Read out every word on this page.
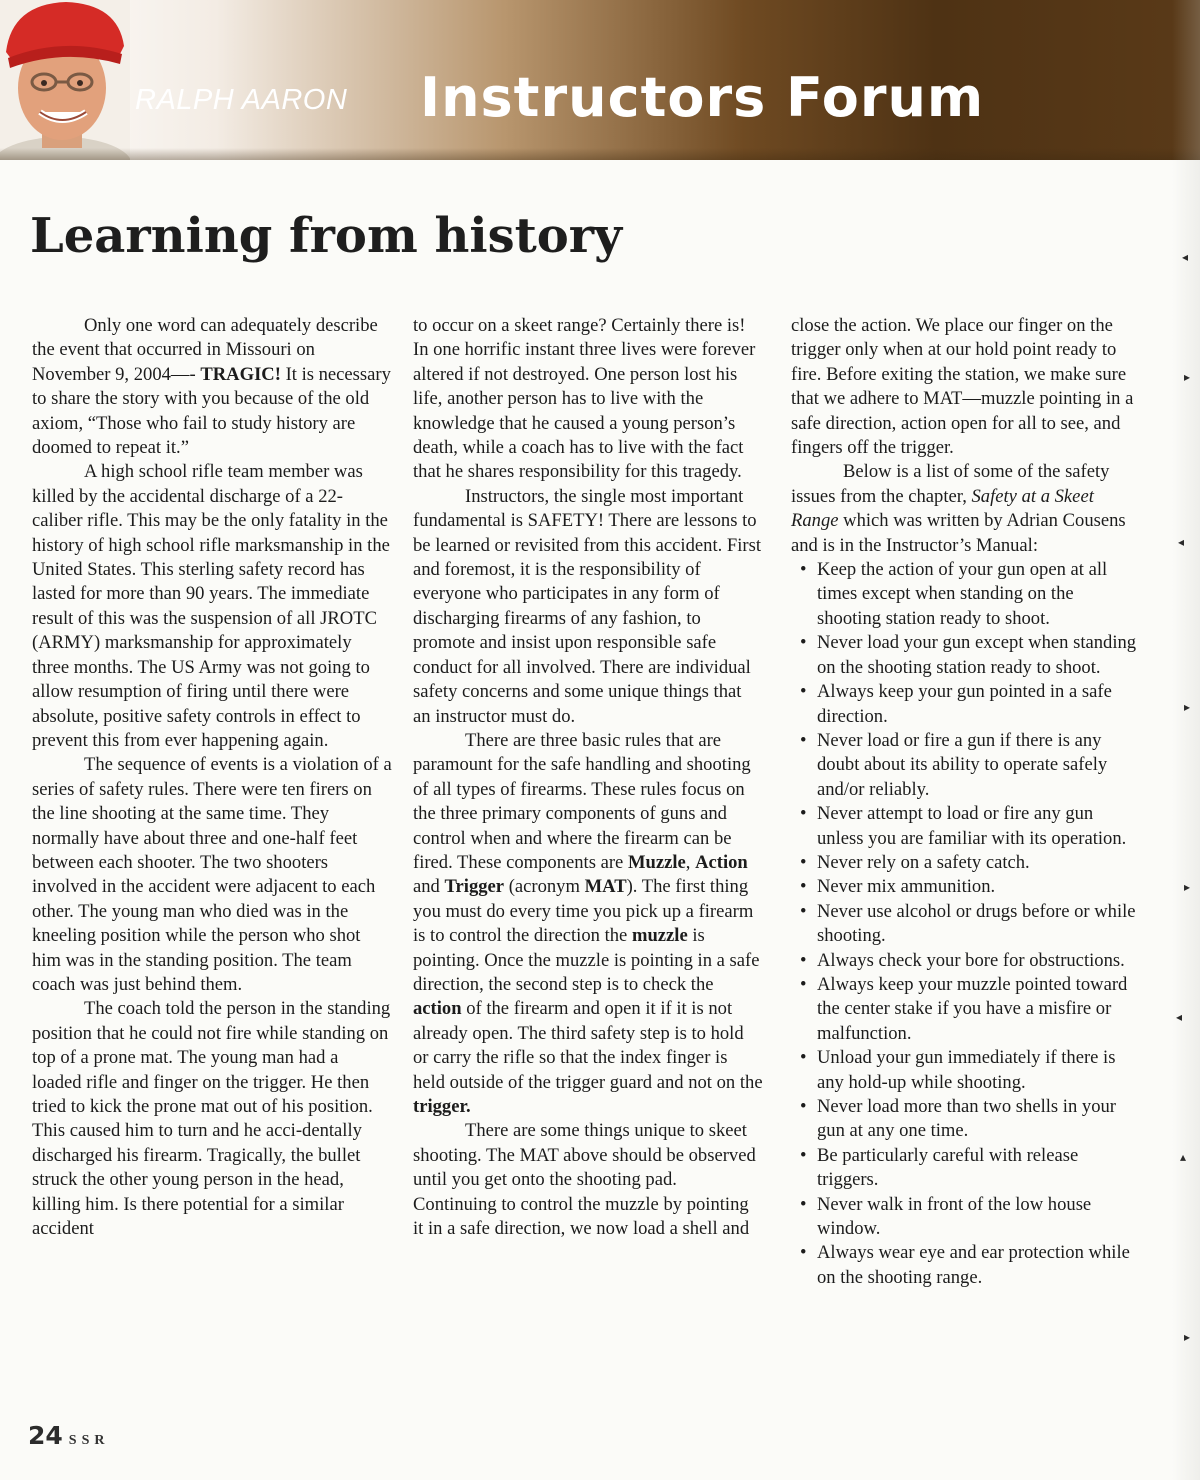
RALPH AARON Instructors Forum
◂
▸
◂
▸
▸
◂
▴
▸
Learning from history

Only one word can adequately describe the event that occurred in Missouri on November 9, 2004—- TRAGIC! It is necessary to share the story with you because of the old axiom, “Those who fail to study history are doomed to repeat it.”

A high school rifle team member was killed by the accidental discharge of a 22-caliber rifle. This may be the only fatality in the history of high school rifle marksmanship in the United States. This sterling safety record has lasted for more than 90 years. The immediate result of this was the suspension of all JROTC (ARMY) marksmanship for approximately three months. The US Army was not going to allow resumption of firing until there were absolute, positive safety controls in effect to prevent this from ever happening again.

The sequence of events is a violation of a series of safety rules. There were ten firers on the line shooting at the same time. They normally have about three and one-half feet between each shooter. The two shooters involved in the accident were adjacent to each other. The young man who died was in the kneeling position while the person who shot him was in the standing position. The team coach was just behind them.

The coach told the person in the standing position that he could not fire while standing on top of a prone mat. The young man had a loaded rifle and finger on the trigger. He then tried to kick the prone mat out of his position. This caused him to turn and he acci-dentally discharged his firearm. Tragically, the bullet struck the other young person in the head, killing him. Is there potential for a similar accident

to occur on a skeet range? Certainly there is! In one horrific instant three lives were forever altered if not destroyed. One person lost his life, another person has to live with the knowledge that he caused a young person’s death, while a coach has to live with the fact that he shares responsibility for this tragedy.

Instructors, the single most important fundamental is SAFETY! There are lessons to be learned or revisited from this accident. First and foremost, it is the responsibility of everyone who participates in any form of discharging firearms of any fashion, to promote and insist upon responsible safe conduct for all involved. There are individual safety concerns and some unique things that an instructor must do.

There are three basic rules that are paramount for the safe handling and shooting of all types of firearms. These rules focus on the three primary components of guns and control when and where the firearm can be fired. These components are Muzzle, Action and Trigger (acronym MAT). The first thing you must do every time you pick up a firearm is to control the direction the muzzle is pointing. Once the muzzle is pointing in a safe direction, the second step is to check the action of the firearm and open it if it is not already open. The third safety step is to hold or carry the rifle so that the index finger is held outside of the trigger guard and not on the trigger.

There are some things unique to skeet shooting. The MAT above should be observed until you get onto the shooting pad. Continuing to control the muzzle by pointing it in a safe direction, we now load a shell and

close the action. We place our finger on the trigger only when at our hold point ready to fire. Before exiting the station, we make sure that we adhere to MAT—muzzle pointing in a safe direction, action open for all to see, and fingers off the trigger.

Below is a list of some of the safety issues from the chapter, Safety at a Skeet Range which was written by Adrian Cousens and is in the Instructor’s Manual:

• Keep the action of your gun open at all times except when standing on the shooting station ready to shoot.
• Never load your gun except when standing on the shooting station ready to shoot.
• Always keep your gun pointed in a safe direction.
• Never load or fire a gun if there is any doubt about its ability to operate safely and/or reliably.
• Never attempt to load or fire any gun unless you are familiar with its operation.
• Never rely on a safety catch.
• Never mix ammunition.
• Never use alcohol or drugs before or while shooting.
• Always check your bore for obstructions.
• Always keep your muzzle pointed toward the center stake if you have a misfire or malfunction.
• Unload your gun immediately if there is any hold-up while shooting.
• Never load more than two shells in your gun at any one time.
• Be particularly careful with release triggers.
• Never walk in front of the low house window.
• Always wear eye and ear protection while on the shooting range.
24 SSR
